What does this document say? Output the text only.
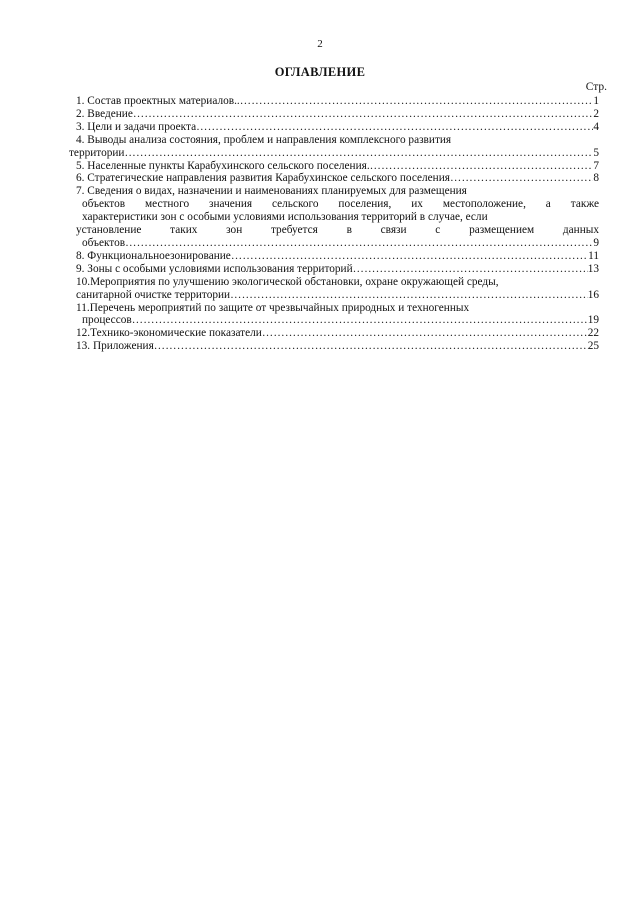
2
ОГЛАВЛЕНИЕ
Стр.
1. Состав проектных материалов.. ………………………………………………………………………………………………………………………………………………………………………………………………………………………………………	1
2. Введение ………………………………………………………………………………………………………………………………………………………………………………………………………………………………………	2
3. Цели и задачи проекта ………………………………………………………………………………………………………………………………………………………………………………………………………………………………………	4
4. Выводы анализа состояния, проблем и направления комплексного развития
территории ………………………………………………………………………………………………………………………………………………………………………………………………………………………………………	5
5. Населенные пункты Карабухинского сельского поселения. ………………………………………………………………………………………………………………………………………………………………………………………………………………………………………	7
6. Стратегические направления развития Карабухинское сельского поселения ………………………………………………………………………………………………………………………………………………………………………………………………………………………………………	8
7. Сведения о видах, назначении и наименованиях планируемых для размещения
объектов местного значения сельского поселения, их местоположение, а также
характеристики зон с особыми условиями использования территорий в случае, если
установление таких зон требуется в связи с размещением данных
объектов ………………………………………………………………………………………………………………………………………………………………………………………………………………………………………	9
8. Функциональноезонирование ………………………………………………………………………………………………………………………………………………………………………………………………………………………………………	11
9. Зоны с особыми условиями использования территорий ………………………………………………………………………………………………………………………………………………………………………………………………………………………………………	13
10.Мероприятия по улучшению экологической обстановки, охране окружающей среды,
санитарной очистке территории ………………………………………………………………………………………………………………………………………………………………………………………………………………………………………	16
11.Перечень мероприятий по защите от чрезвычайных природных и техногенных
процессов ………………………………………………………………………………………………………………………………………………………………………………………………………………………………………	19
12.Технико-экономические показатели ………………………………………………………………………………………………………………………………………………………………………………………………………………………………………	22
13. Приложения ………………………………………………………………………………………………………………………………………………………………………………………………………………………………………	25
